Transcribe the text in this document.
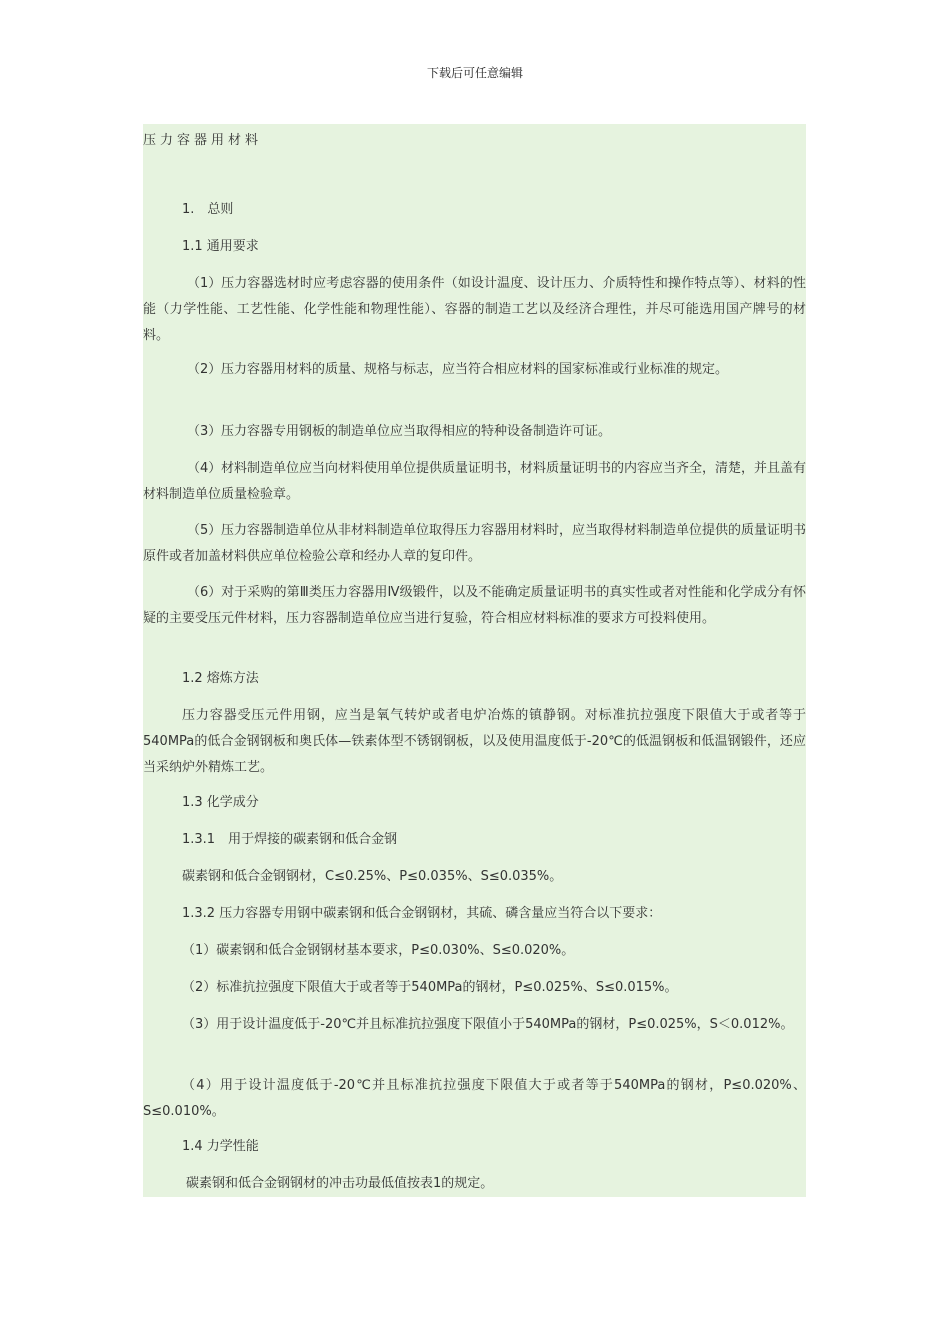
下载后可任意编辑
压力容器用材料
1.　总则
1.1 通用要求
（1）压力容器选材时应考虑容器的使用条件（如设计温度、设计压力、介质特性和操作特点等）、材料的性能（力学性能、工艺性能、化学性能和物理性能）、容器的制造工艺以及经济合理性，并尽可能选用国产牌号的材料。
（2）压力容器用材料的质量、规格与标志，应当符合相应材料的国家标准或行业标准的规定。
（3）压力容器专用钢板的制造单位应当取得相应的特种设备制造许可证。
（4）材料制造单位应当向材料使用单位提供质量证明书，材料质量证明书的内容应当齐全，清楚，并且盖有材料制造单位质量检验章。
（5）压力容器制造单位从非材料制造单位取得压力容器用材料时，应当取得材料制造单位提供的质量证明书原件或者加盖材料供应单位检验公章和经办人章的复印件。
（6）对于采购的第Ⅲ类压力容器用Ⅳ级锻件，以及不能确定质量证明书的真实性或者对性能和化学成分有怀疑的主要受压元件材料，压力容器制造单位应当进行复验，符合相应材料标准的要求方可投料使用。
1.2 熔炼方法
压力容器受压元件用钢，应当是氧气转炉或者电炉冶炼的镇静钢。对标准抗拉强度下限值大于或者等于540MPa的低合金钢钢板和奥氏体—铁素体型不锈钢钢板，以及使用温度低于-20℃的低温钢板和低温钢锻件，还应当采纳炉外精炼工艺。
1.3 化学成分
1.3.1　用于焊接的碳素钢和低合金钢
碳素钢和低合金钢钢材，C≤0.25%、P≤0.035%、S≤0.035%。
1.3.2 压力容器专用钢中碳素钢和低合金钢钢材，其硫、磷含量应当符合以下要求：
（1）碳素钢和低合金钢钢材基本要求，P≤0.030%、S≤0.020%。
（2）标准抗拉强度下限值大于或者等于540MPa的钢材，P≤0.025%、S≤0.015%。
（3）用于设计温度低于-20℃并且标准抗拉强度下限值小于540MPa的钢材，P≤0.025%，S＜0.012%。
（4）用于设计温度低于-20℃并且标准抗拉强度下限值大于或者等于540MPa的钢材，P≤0.020%、S≤0.010%。
1.4 力学性能
碳素钢和低合金钢钢材的冲击功最低值按表1的规定。
